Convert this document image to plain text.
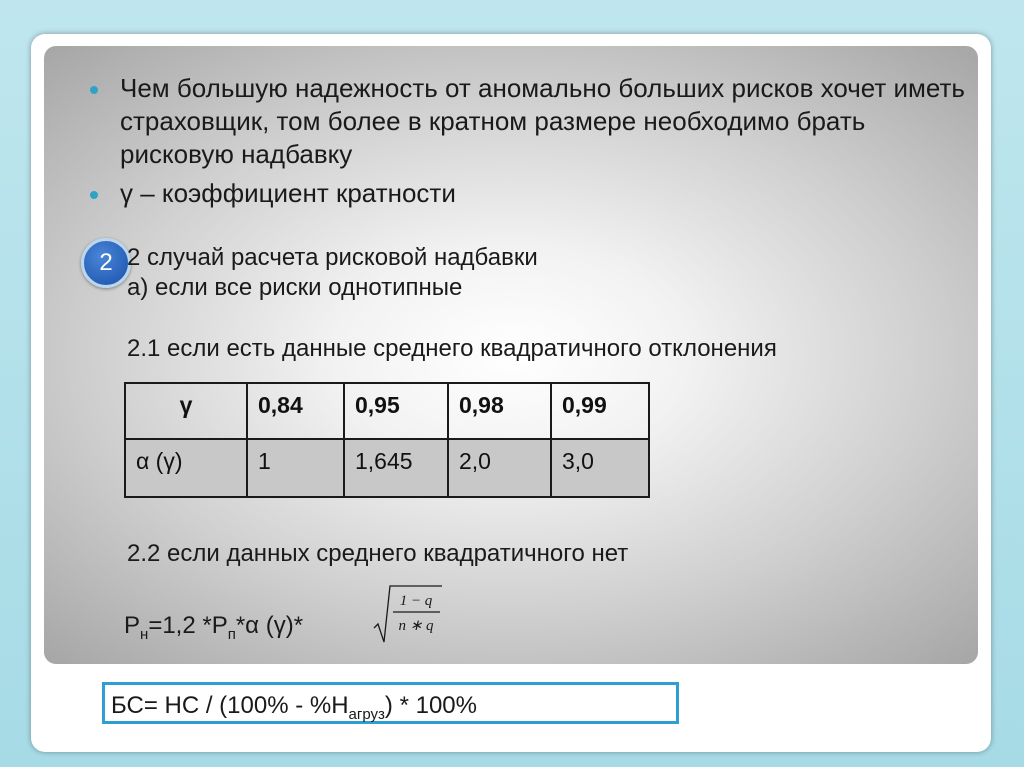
Чем большую надежность от аномально больших рисков хочет иметь страховщик, том более в кратном размере необходимо брать рисковую надбавку
γ – коэффициент кратности
2 2 случай расчета рисковой надбавки
а) если все риски однотипные
2.1 если есть данные среднего квадратичного отклонения
γ	0,84	0,95	0,98	0,99
α (γ)	1	1,645	2,0	3,0
2.2 если данных среднего квадратичного нет
$Р_н=1,2$ $*Р_п*\alpha$ (γ)*
1 − q
n ∗ q
БС= НС / $(100\% - \%Н_{агруз}) * 100\%$
